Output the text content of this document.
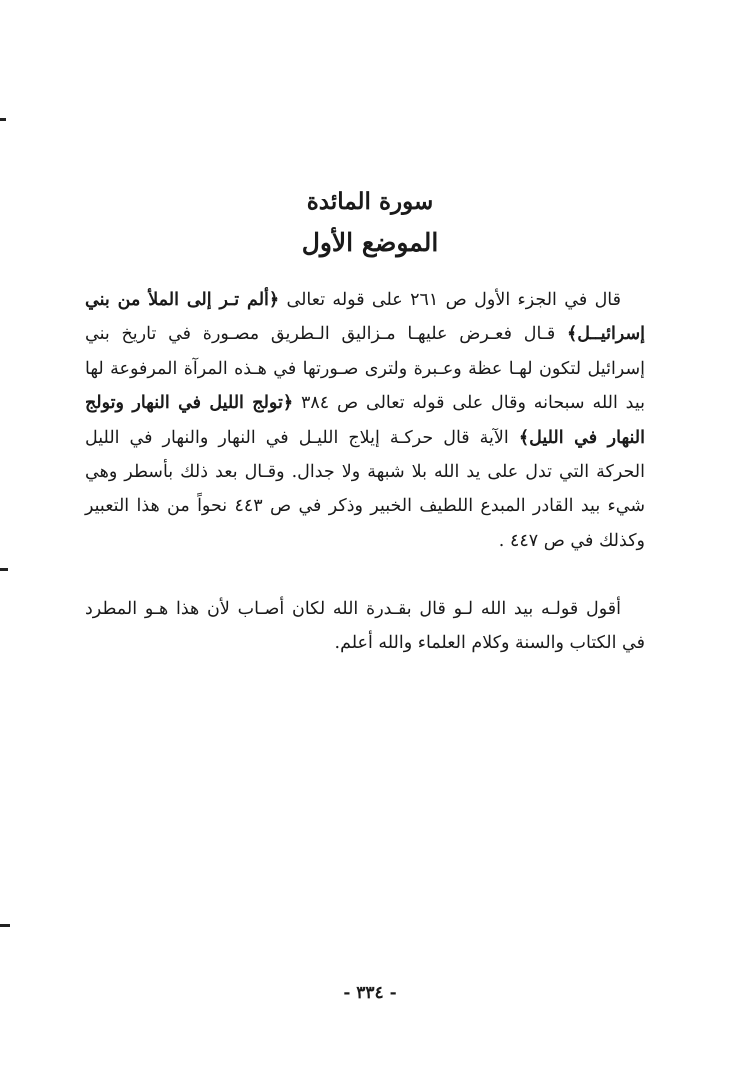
سورة المائدة
الموضع الأول

قال في الجزء الأول ص ٢٦١ على قوله تعالى ﴿ألم تـر إلى الملأ من بني إسرائيــل﴾ قـال فعـرض عليهـا مـزاليق الـطريق مصـورة في تاريخ بني إسرائيل لتكون لهـا عظة وعـبرة ولترى صـورتها في هـذه المرآة المرفوعة لها بيد الله سبحانه وقال على قوله تعالى ص ٣٨٤ ﴿تولج الليل في النهار وتولج النهار في الليل﴾ الآية قال حركـة إيلاج الليـل في النهار والنهار في الليل الحركة التي تدل على يد الله بلا شبهة ولا جدال. وقـال بعد ذلك بأسطر وهي شيء بيد القادر المبدع اللطيف الخبير وذكر في ص ٤٤٣ نحواً من هذا التعبير وكذلك في ص ٤٤٧ .

أقول قولـه بيد الله لـو قال بقـدرة الله لكان أصـاب لأن هذا هـو المطرد في الكتاب والسنة وكلام العلماء والله أعلم.

- ٣٣٤ -
